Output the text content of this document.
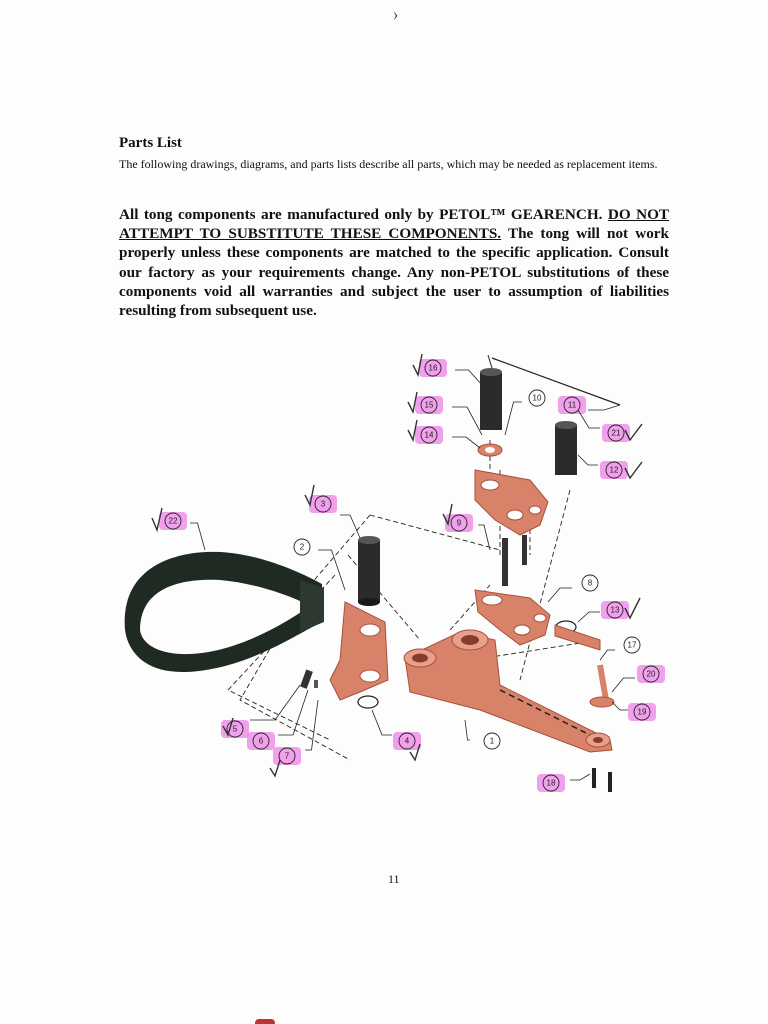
›
Parts List

The following drawings, diagrams, and parts lists describe all parts, which may be needed as replacement items.

All tong components are manufactured only by PETOL™ GEARENCH. DO NOT ATTEMPT TO SUBSTITUTE THESE COMPONENTS. The tong will not work properly unless these components are matched to the specific application. Consult our factory as your requirements change. Any non-PETOL substitutions of these components void all warranties and subject the user to assumption of liabilities resulting from subsequent use.

1
2
3
4
5
6
7
8
9
10
11
12
13
14
15
16
17
18
19
20
21
22
11
